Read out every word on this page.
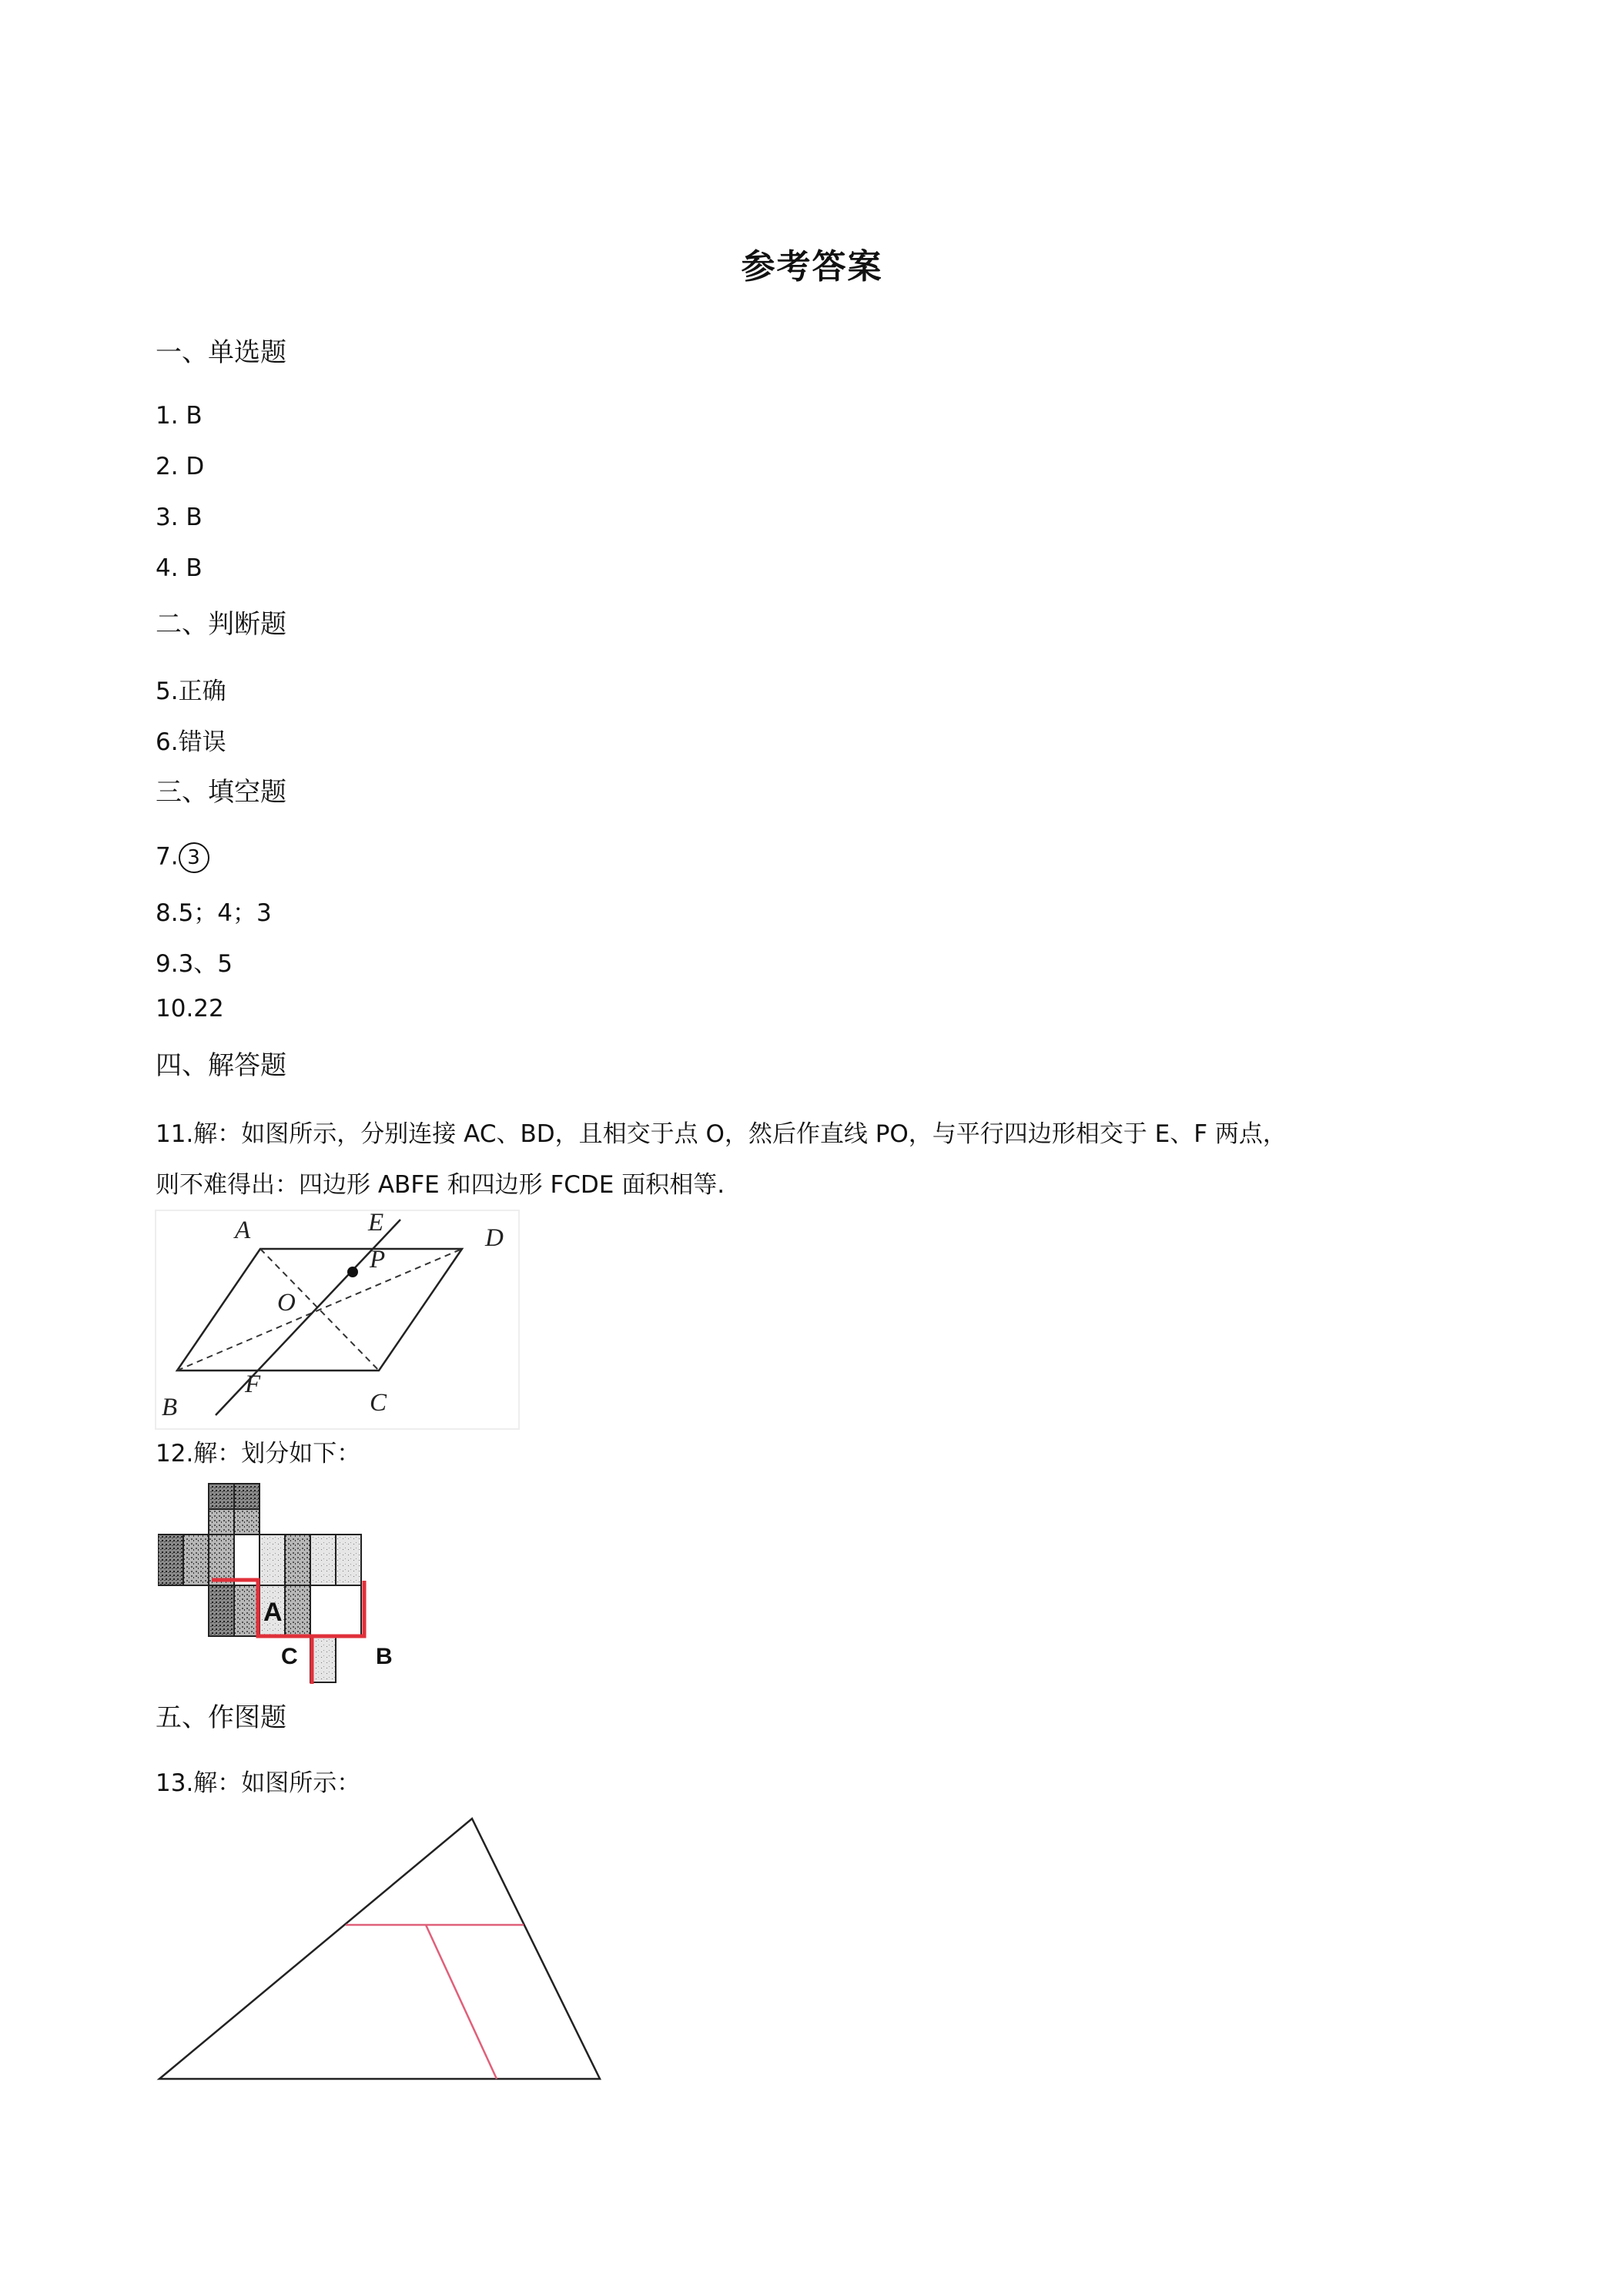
参考答案
一、单选题
1. B
2. D
3. B
4. B
二、判断题
5.正确
6.错误
三、填空题
7. 3
8.5；4；3
9.3、5
10.22
四、解答题
11.解：如图所示，分别连接 AC、BD，且相交于点 O，然后作直线 PO，与平行四边形相交于 E、F 两点，
则不难得出：四边形 ABFE 和四边形 FCDE 面积相等.
A	E
D
P
O
B
F
C
12.解：划分如下：
A
C	B
五、作图题
13.解：如图所示：
